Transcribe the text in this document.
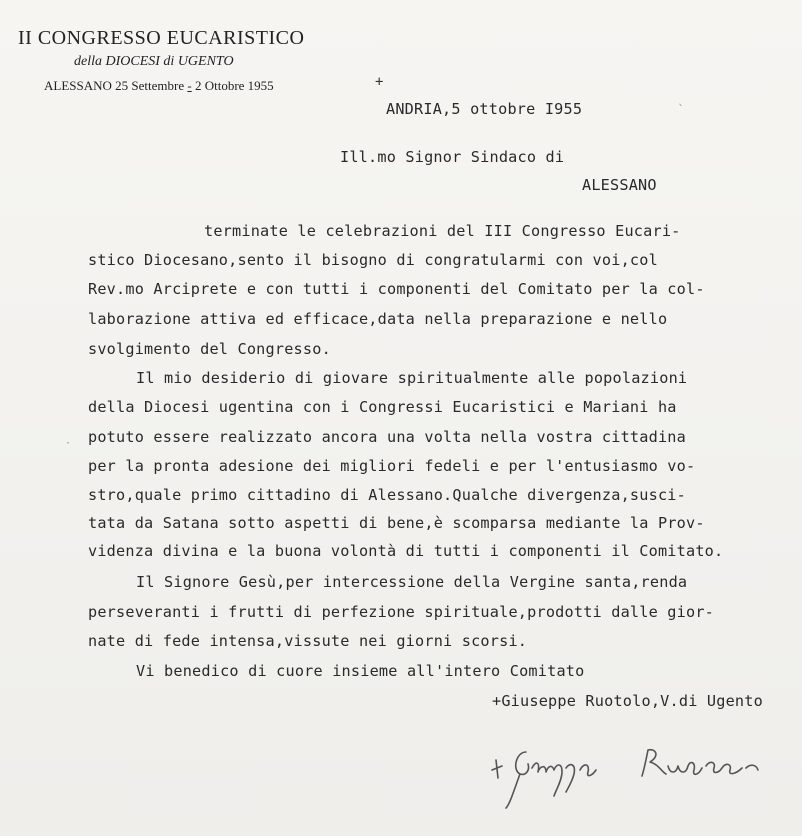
II CONGRESSO EUCARISTICO
della DIOCESI di UGENTO
ALESSANO 25 Settembre - 2 Ottobre 1955	+
ANDRIA,5 ottobre I955
Ill.mo Signor Sindaco di
ALESSANO
terminate le celebrazioni del III Congresso Eucari-
stico Diocesano,sento il bisogno di congratularmi con voi,col
Rev.mo Arciprete e con tutti i componenti del Comitato per la col-
laborazione attiva ed efficace,data nella preparazione e nello
svolgimento del Congresso.
Il mio desiderio di giovare spiritualmente alle popolazioni
della Diocesi ugentina con i Congressi Eucaristici e Mariani ha
potuto essere realizzato ancora una volta nella vostra cittadina
per la pronta adesione dei migliori fedeli e per l'entusiasmo vo-
stro,quale primo cittadino di Alessano.Qualche divergenza,susci-
tata da Satana sotto aspetti di bene,è scomparsa mediante la Prov-
videnza divina e la buona volontà di tutti i componenti il Comitato.
Il Signore Gesù,per intercessione della Vergine santa,renda
perseveranti i frutti di perfezione spirituale,prodotti dalle gior-
nate di fede intensa,vissute nei giorni scorsi.
Vi benedico di cuore insieme all'intero Comitato
+Giuseppe Ruotolo,V.di Ugento
ˎ
·
